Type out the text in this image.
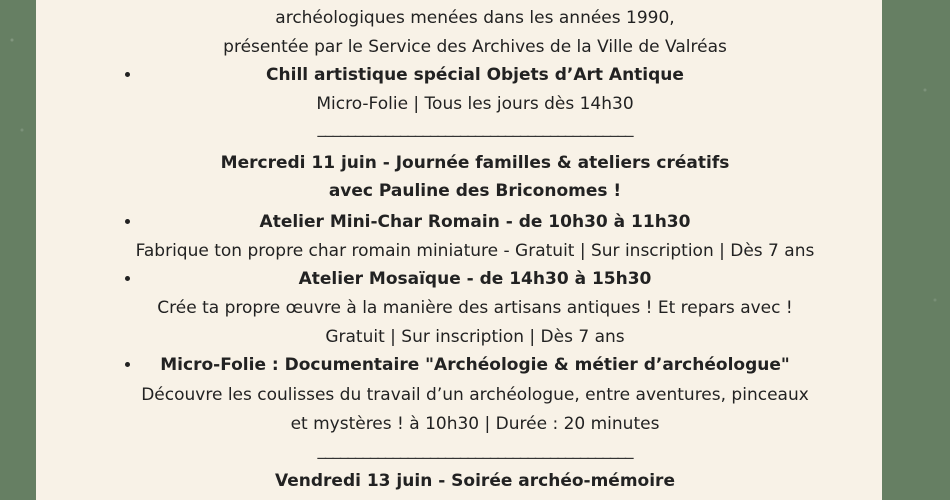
archéologiques menées dans les années 1990,
présentée par le Service des Archives de la Ville de Valréas
Chill artistique spécial Objets d’Art Antique
Micro-Folie | Tous les jours dès 14h30
__________________________________________
Mercredi 11 juin - Journée familles & ateliers créatifs
avec Pauline des Briconomes !
Atelier Mini-Char Romain - de 10h30 à 11h30
Fabrique ton propre char romain miniature - Gratuit | Sur inscription | Dès 7 ans
Atelier Mosaïque - de 14h30 à 15h30
Crée ta propre œuvre à la manière des artisans antiques ! Et repars avec !
Gratuit | Sur inscription | Dès 7 ans
Micro-Folie : Documentaire "Archéologie & métier d’archéologue"
Découvre les coulisses du travail d’un archéologue, entre aventures, pinceaux
et mystères ! à 10h30 | Durée : 20 minutes
__________________________________________
Vendredi 13 juin - Soirée archéo-mémoire
